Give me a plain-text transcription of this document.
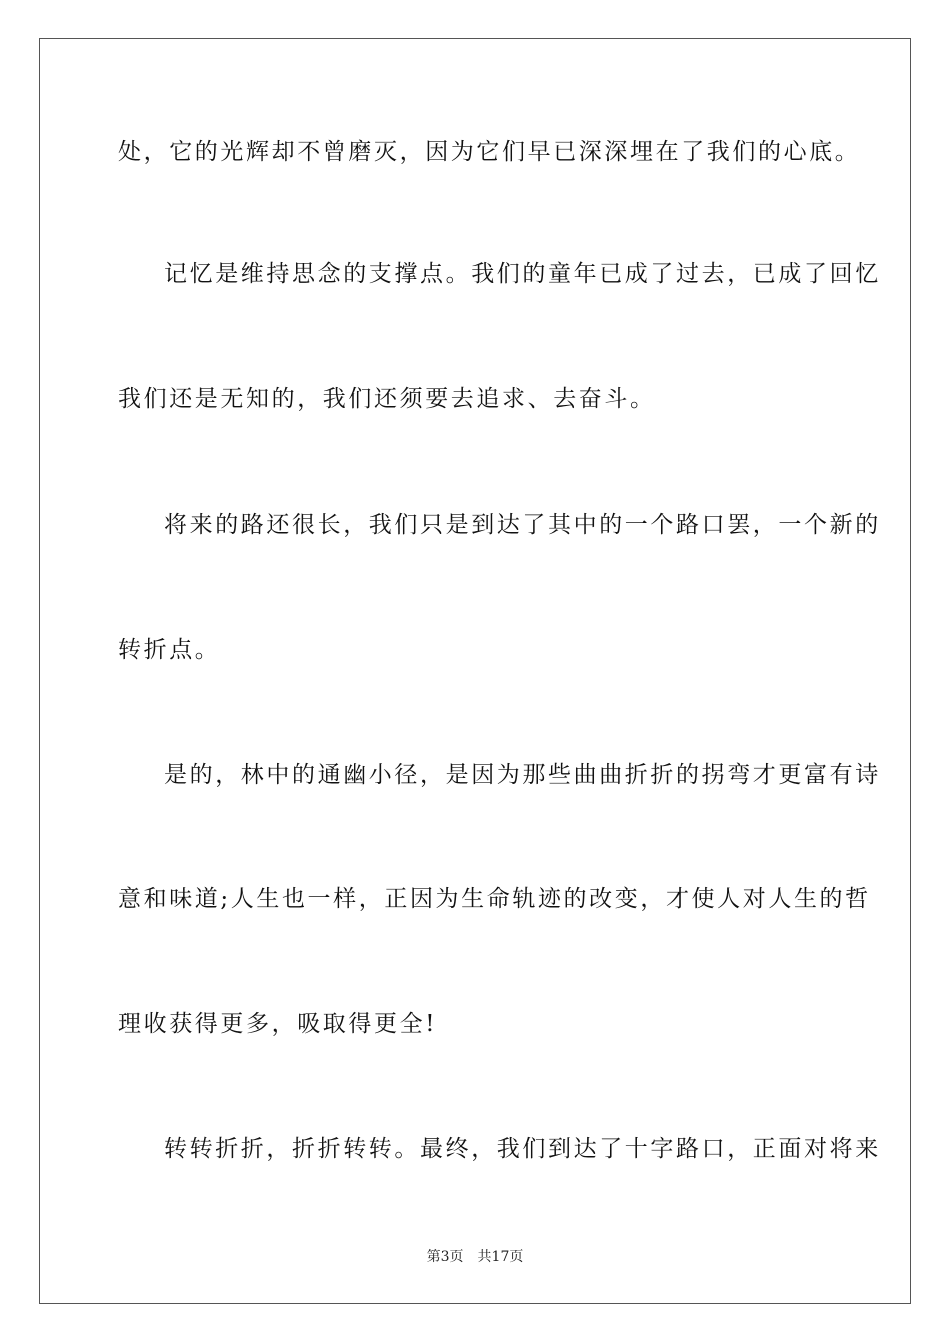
处，它的光辉却不曾磨灭，因为它们早已深深埋在了我们的心底。
记忆是维持思念的支撑点。我们的童年已成了过去，已成了回忆
我们还是无知的，我们还须要去追求、去奋斗。
将来的路还很长，我们只是到达了其中的一个路口罢，一个新的
转折点。
是的，林中的通幽小径，是因为那些曲曲折折的拐弯才更富有诗
意和味道;人生也一样，正因为生命轨迹的改变，才使人对人生的哲
理收获得更多，吸取得更全!
转转折折，折折转转。最终，我们到达了十字路口，正面对将来
第3页 共17页
